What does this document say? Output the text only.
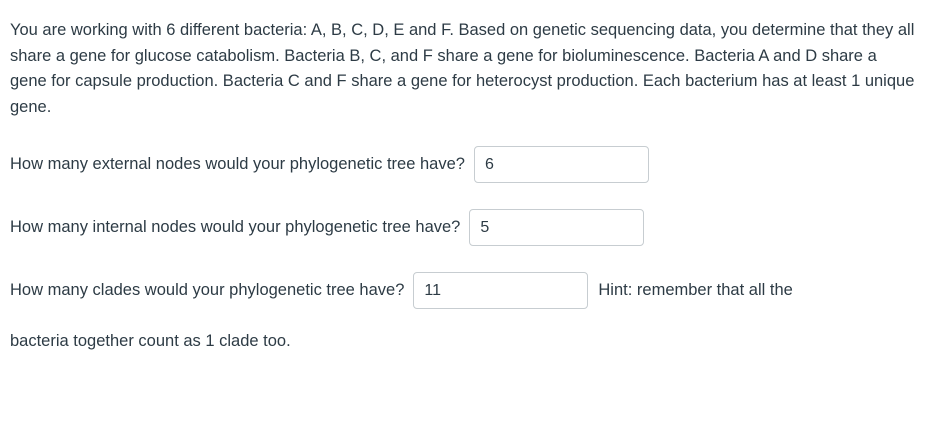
You are working with 6 different bacteria: A, B, C, D, E and F. Based on genetic sequencing data, you determine that they all share a gene for glucose catabolism. Bacteria B, C, and F share a gene for bioluminescence. Bacteria A and D share a gene for capsule production. Bacteria C and F share a gene for heterocyst production. Each bacterium has at least 1 unique gene.

How many external nodes would your phylogenetic tree have?
6
How many internal nodes would your phylogenetic tree have?
5
How many clades would your phylogenetic tree have?
11	Hint: remember that all the
bacteria together count as 1 clade too.
